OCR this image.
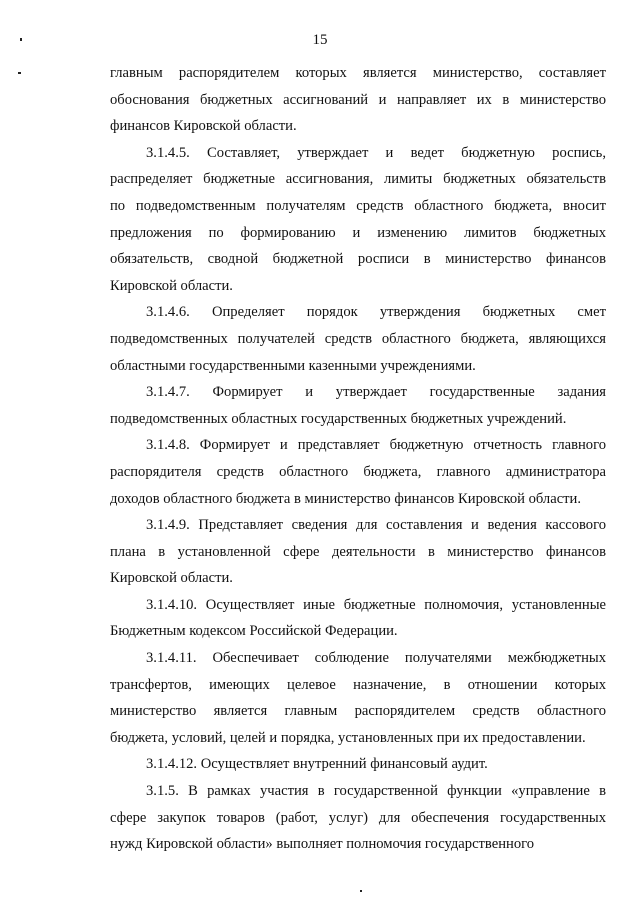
15
главным распорядителем которых является министерство, составляет
обоснования бюджетных ассигнований и направляет их в министерство
финансов Кировской области.
3.1.4.5. Составляет, утверждает и ведет бюджетную роспись,
распределяет бюджетные ассигнования, лимиты бюджетных обязательств
по подведомственным получателям средств областного бюджета, вносит
предложения по формированию и изменению лимитов бюджетных
обязательств, сводной бюджетной росписи в министерство финансов
Кировской области.
3.1.4.6. Определяет порядок утверждения бюджетных смет
подведомственных получателей средств областного бюджета, являющихся
областными государственными казенными учреждениями.
3.1.4.7. Формирует и утверждает государственные задания
подведомственных областных государственных бюджетных учреждений.
3.1.4.8. Формирует и представляет бюджетную отчетность главного
распорядителя средств областного бюджета, главного администратора
доходов областного бюджета в министерство финансов Кировской области.
3.1.4.9. Представляет сведения для составления и ведения кассового
плана в установленной сфере деятельности в министерство финансов
Кировской области.
3.1.4.10. Осуществляет иные бюджетные полномочия, установленные
Бюджетным кодексом Российской Федерации.
3.1.4.11. Обеспечивает соблюдение получателями межбюджетных
трансфертов, имеющих целевое назначение, в отношении которых
министерство является главным распорядителем средств областного
бюджета, условий, целей и порядка, установленных при их предоставлении.
3.1.4.12. Осуществляет внутренний финансовый аудит.
3.1.5. В рамках участия в государственной функции «управление в
сфере закупок товаров (работ, услуг) для обеспечения государственных
нужд Кировской области» выполняет полномочия государственного
